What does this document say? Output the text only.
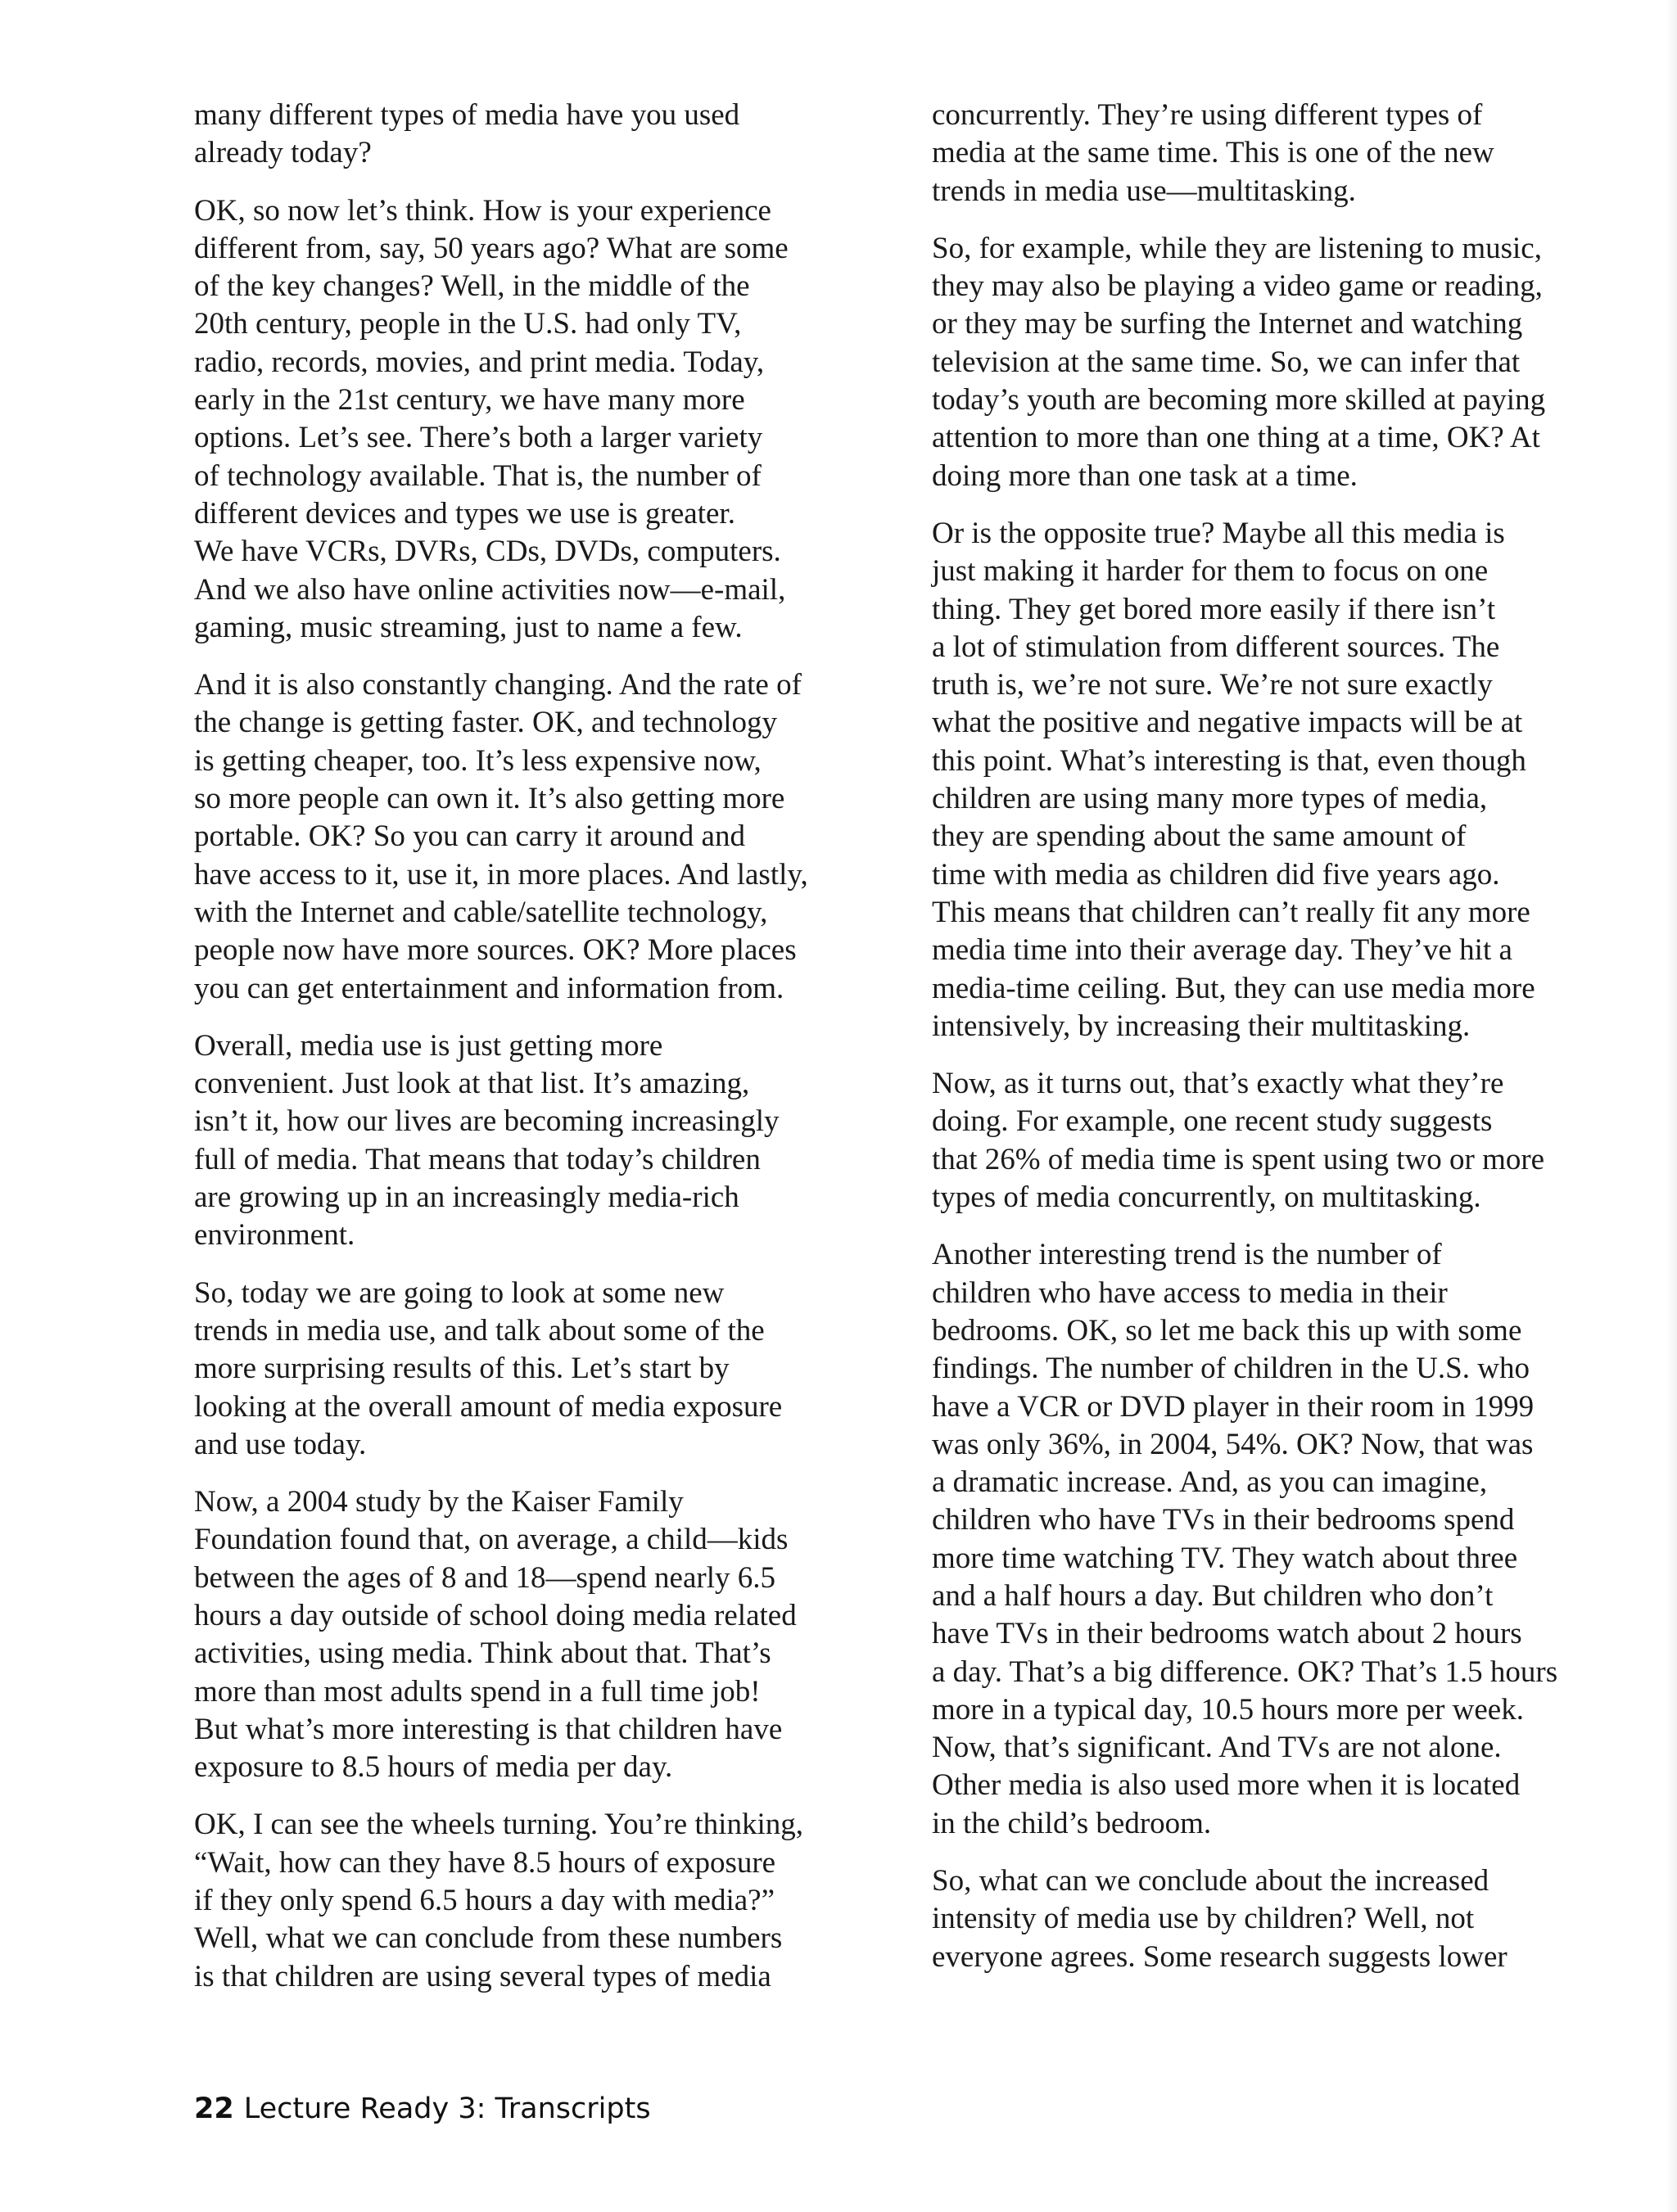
many different types of media have you used

already today?

OK, so now let’s think. How is your experience

different from, say, 50 years ago? What are some

of the key changes? Well, in the middle of the

20th century, people in the U.S. had only TV,

radio, records, movies, and print media. Today,

early in the 21st century, we have many more

options. Let’s see. There’s both a larger variety

of technology available. That is, the number of

different devices and types we use is greater.

We have VCRs, DVRs, CDs, DVDs, computers.

And we also have online activities now—e-mail,

gaming, music streaming, just to name a few.

And it is also constantly changing. And the rate of

the change is getting faster. OK, and technology

is getting cheaper, too. It’s less expensive now,

so more people can own it. It’s also getting more

portable. OK? So you can carry it around and

have access to it, use it, in more places. And lastly,

with the Internet and cable/satellite technology,

people now have more sources. OK? More places

you can get entertainment and information from.

Overall, media use is just getting more

convenient. Just look at that list. It’s amazing,

isn’t it, how our lives are becoming increasingly

full of media. That means that today’s children

are growing up in an increasingly media-rich

environment.

So, today we are going to look at some new

trends in media use, and talk about some of the

more surprising results of this. Let’s start by

looking at the overall amount of media exposure

and use today.

Now, a 2004 study by the Kaiser Family

Foundation found that, on average, a child—kids

between the ages of 8 and 18—spend nearly 6.5

hours a day outside of school doing media related

activities, using media. Think about that. That’s

more than most adults spend in a full time job!

But what’s more interesting is that children have

exposure to 8.5 hours of media per day.

OK, I can see the wheels turning. You’re thinking,

“Wait, how can they have 8.5 hours of exposure

if they only spend 6.5 hours a day with media?”

Well, what we can conclude from these numbers

is that children are using several types of media

concurrently. They’re using different types of

media at the same time. This is one of the new

trends in media use—multitasking.

So, for example, while they are listening to music,

they may also be playing a video game or reading,

or they may be surfing the Internet and watching

television at the same time. So, we can infer that

today’s youth are becoming more skilled at paying

attention to more than one thing at a time, OK? At

doing more than one task at a time.

Or is the opposite true? Maybe all this media is

just making it harder for them to focus on one

thing. They get bored more easily if there isn’t

a lot of stimulation from different sources. The

truth is, we’re not sure. We’re not sure exactly

what the positive and negative impacts will be at

this point. What’s interesting is that, even though

children are using many more types of media,

they are spending about the same amount of

time with media as children did five years ago.

This means that children can’t really fit any more

media time into their average day. They’ve hit a

media-time ceiling. But, they can use media more

intensively, by increasing their multitasking.

Now, as it turns out, that’s exactly what they’re

doing. For example, one recent study suggests

that 26% of media time is spent using two or more

types of media concurrently, on multitasking.

Another interesting trend is the number of

children who have access to media in their

bedrooms. OK, so let me back this up with some

findings. The number of children in the U.S. who

have a VCR or DVD player in their room in 1999

was only 36%, in 2004, 54%. OK? Now, that was

a dramatic increase. And, as you can imagine,

children who have TVs in their bedrooms spend

more time watching TV. They watch about three

and a half hours a day. But children who don’t

have TVs in their bedrooms watch about 2 hours

a day. That’s a big difference. OK? That’s 1.5 hours

more in a typical day, 10.5 hours more per week.

Now, that’s significant. And TVs are not alone.

Other media is also used more when it is located

in the child’s bedroom.

So, what can we conclude about the increased

intensity of media use by children? Well, not

everyone agrees. Some research suggests lower

22 Lecture Ready 3: Transcripts
